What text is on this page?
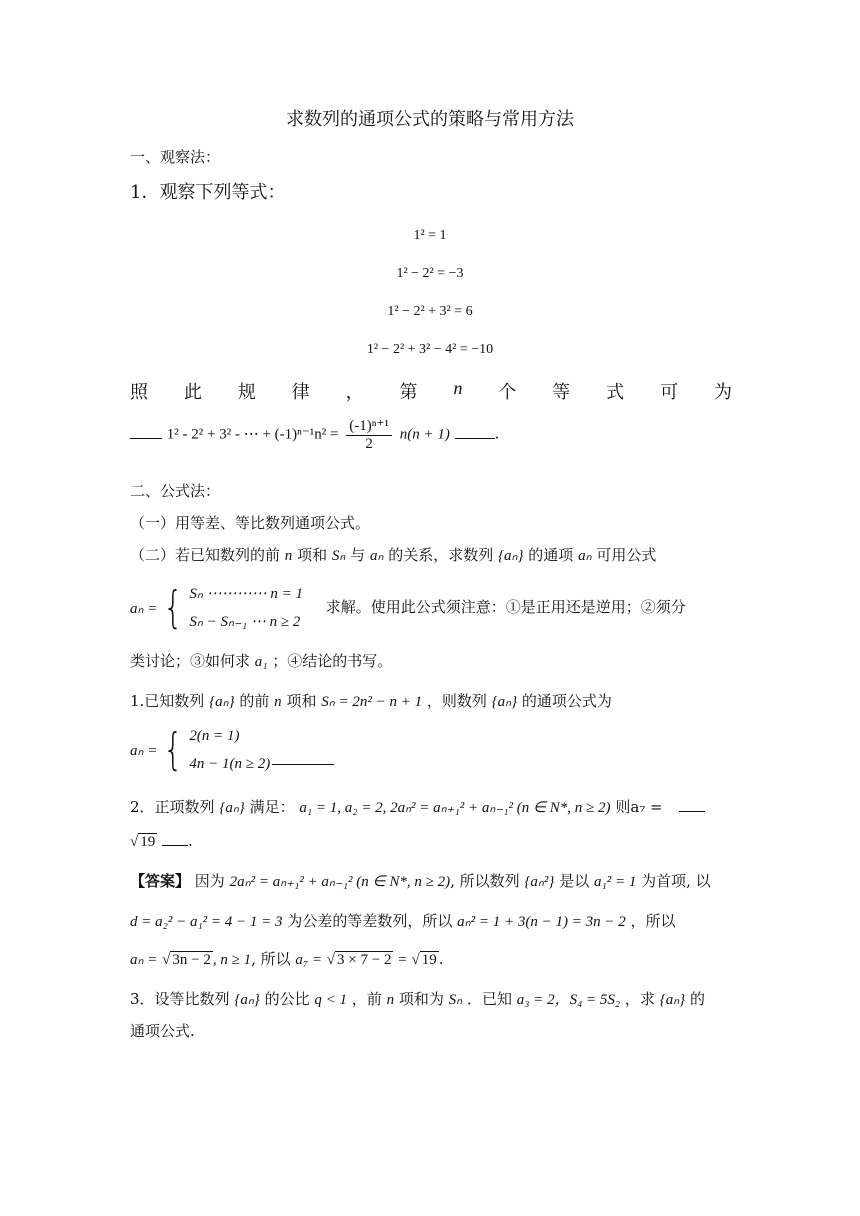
求数列的通项公式的策略与常用方法
一、观察法：
1．观察下列等式：
1² = 1
1² − 2² = −3
1² − 2² + 3² = 6
1² − 2² + 3² − 4² = −10
照 此 规 律 ， 第 n 个 等 式 可 为
1² - 2² + 3² - ⋯ + $(-1)^{n-1}n^2 = \frac{\text{(-1)ⁿ⁺¹}}{2} n(n + 1)$	.
二、公式法：
（一）用等差、等比数列通项公式。
（二）若已知数列的前 n 项和 Sₙ 与 aₙ 的关系，求数列 {aₙ} 的通项 aₙ 可用公式
aₙ = { Sₙ ⋯⋯⋯⋯ n = 1
Sₙ − Sₙ₋₁ ⋯ n ≥ 2
求解。使用此公式须注意：①是正用还是逆用；②须分
类讨论；③如何求 a₁ ；④结论的书写。
1.已知数列 {aₙ} 的前 n 项和 Sₙ = 2n² − n + 1 ，则数列 {aₙ} 的通项公式为
aₙ = { 2(n = 1)
4n − 1(n ≥ 2)
2．正项数列 {aₙ} 满足： a₁ = 1, a₂ = 2, 2aₙ² = aₙ₊₁² + aₙ₋₁² (n ∈ N*, n ≥ 2) 则a₇ =
√ 19 .
【答案】 因为 2aₙ² = aₙ₊₁² + aₙ₋₁² (n ∈ N*, n ≥ 2), 所以数列 {aₙ²} 是以 a₁² = 1 为首项, 以
d = a₂² − a₁² = 4 − 1 = 3 为公差的等差数列，所以 aₙ² = 1 + 3(n − 1) = 3n − 2 ，所以
aₙ = √ 3n − 2 , n ≥ 1, 所以 a₇ = √ 3 × 7 − 2 = √ 19 .
3．设等比数列 {aₙ} 的公比 q < 1 ，前 n 项和为 Sₙ ．已知 a₃ = 2，S₄ = 5S₂ ，求 {aₙ} 的
通项公式.
